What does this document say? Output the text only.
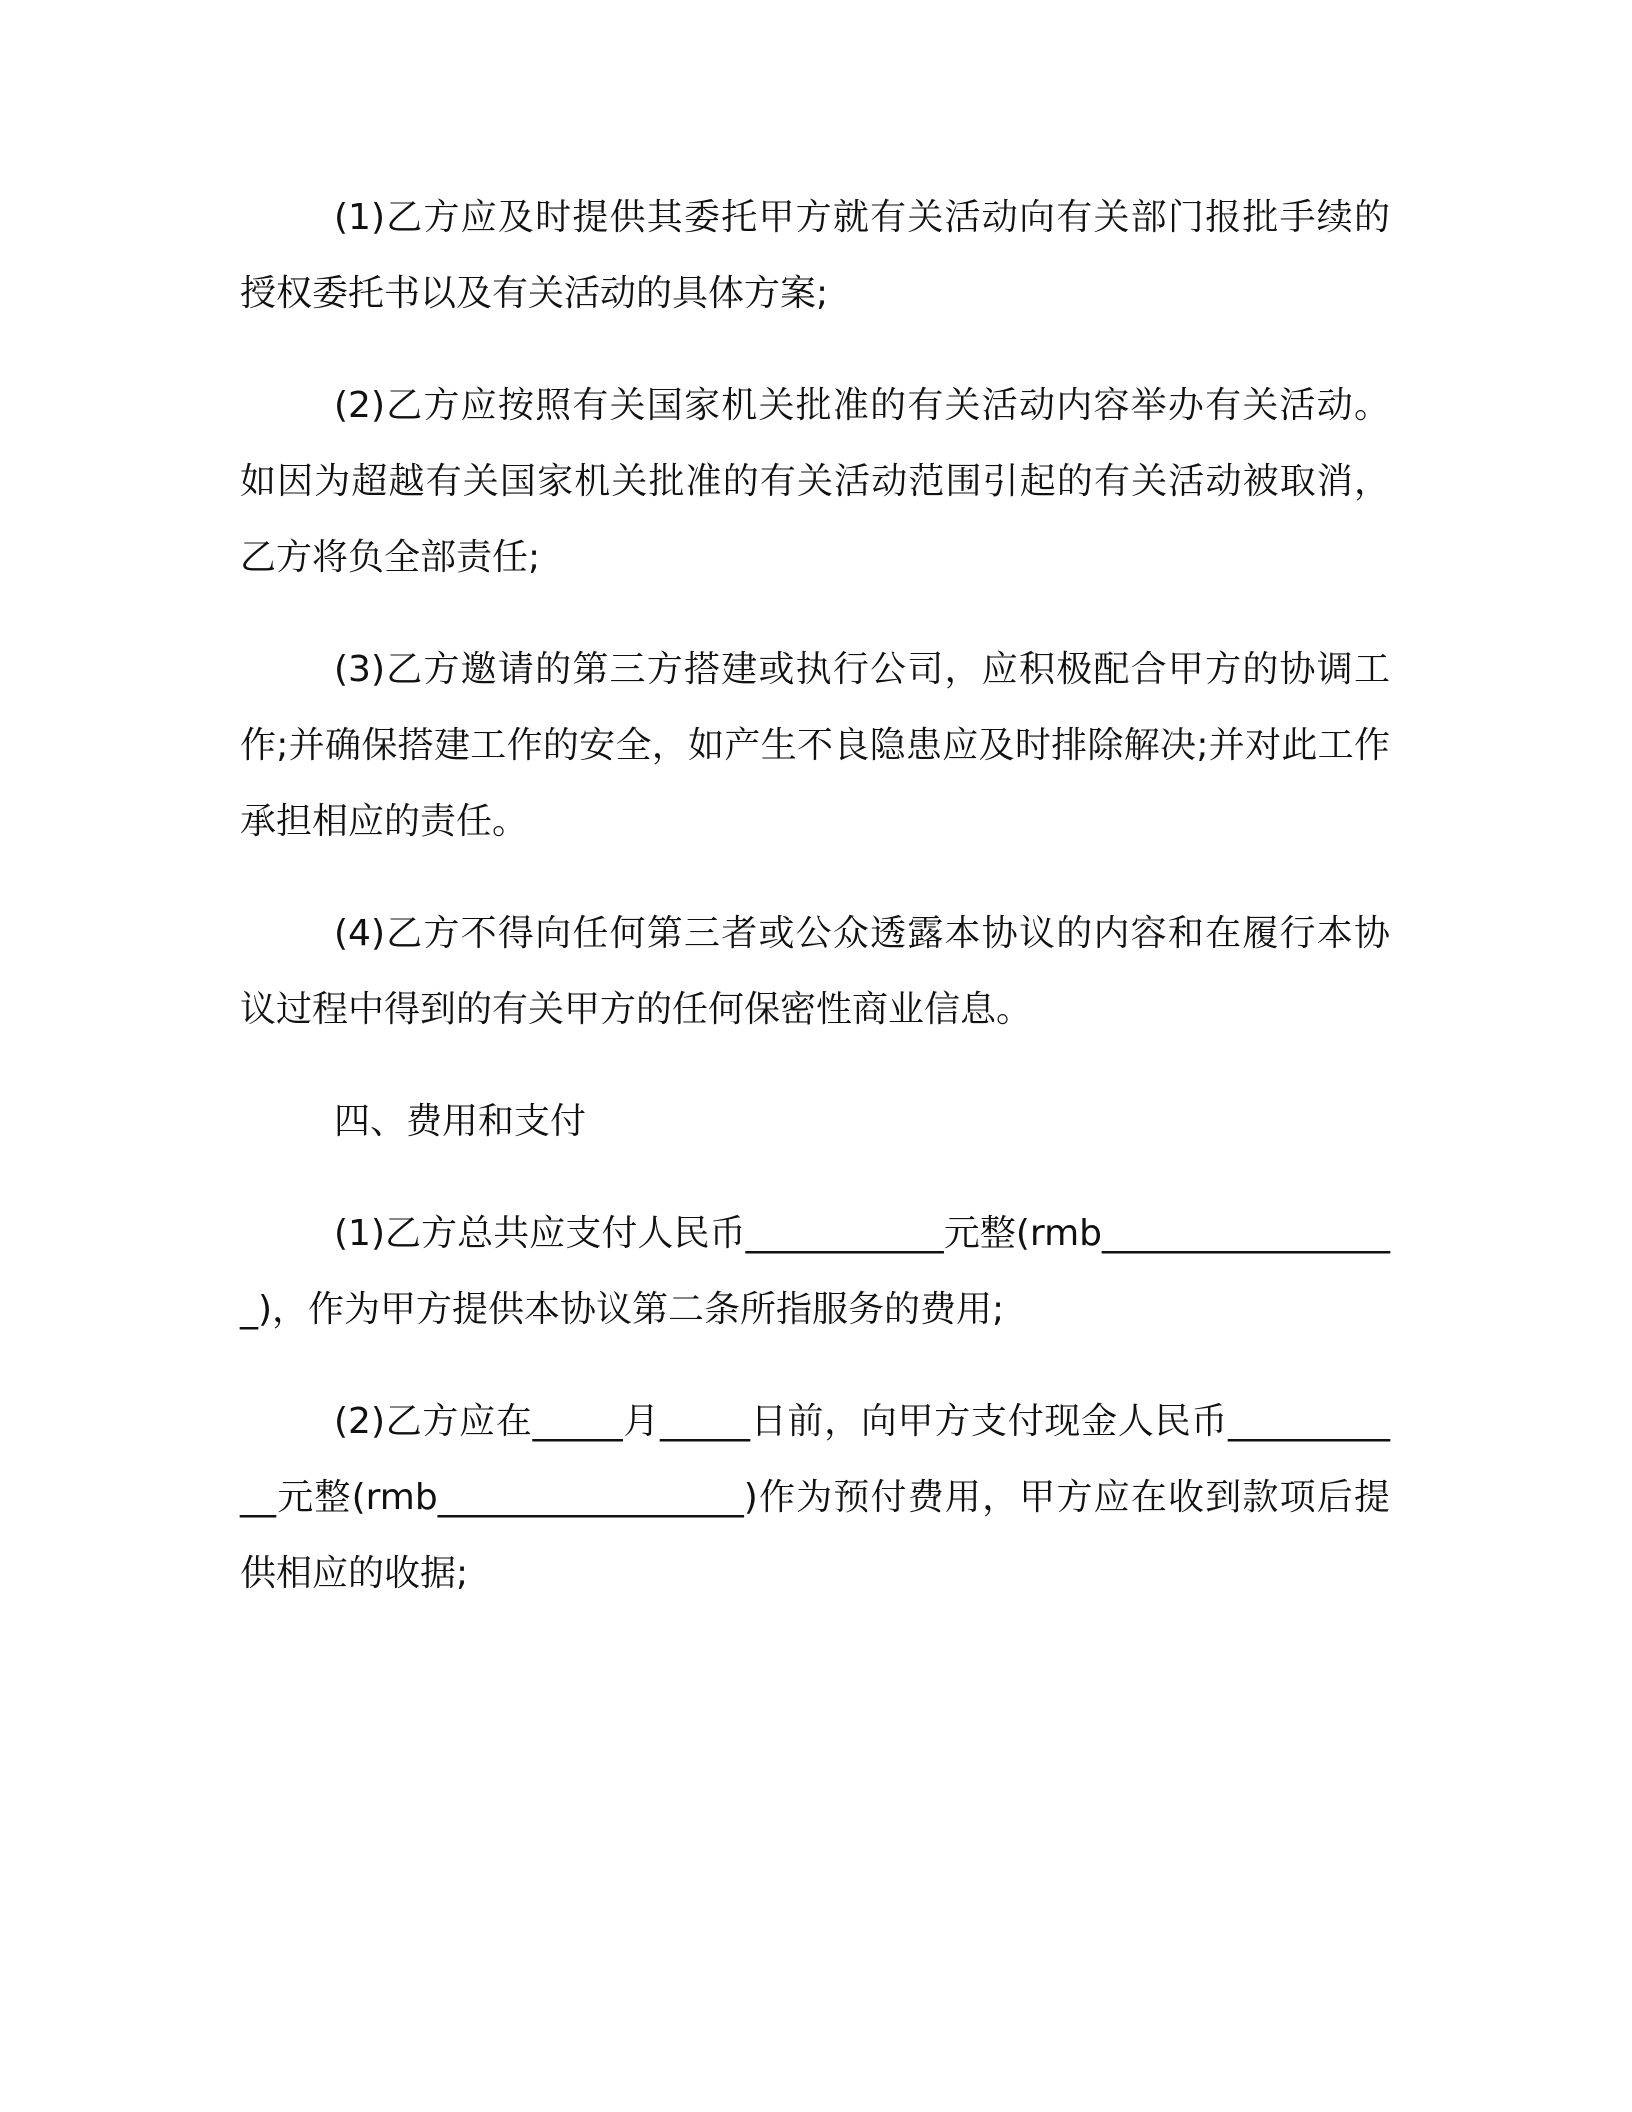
(1)乙方应及时提供其委托甲方就有关活动向有关部门报批手续的授权委托书以及有关活动的具体方案;

(2)乙方应按照有关国家机关批准的有关活动内容举办有关活动。如因为超越有关国家机关批准的有关活动范围引起的有关活动被取消，乙方将负全部责任;

(3)乙方邀请的第三方搭建或执行公司，应积极配合甲方的协调工作;并确保搭建工作的安全，如产生不良隐患应及时排除解决;并对此工作承担相应的责任。

(4)乙方不得向任何第三者或公众透露本协议的内容和在履行本协议过程中得到的有关甲方的任何保密性商业信息。

四、费用和支付

(1)乙方总共应支付人民币___________元整(rmb_________________)，作为甲方提供本协议第二条所指服务的费用;

(2)乙方应在_____月_____日前，向甲方支付现金人民币___________元整(rmb_________________)作为预付费用，甲方应在收到款项后提供相应的收据;
